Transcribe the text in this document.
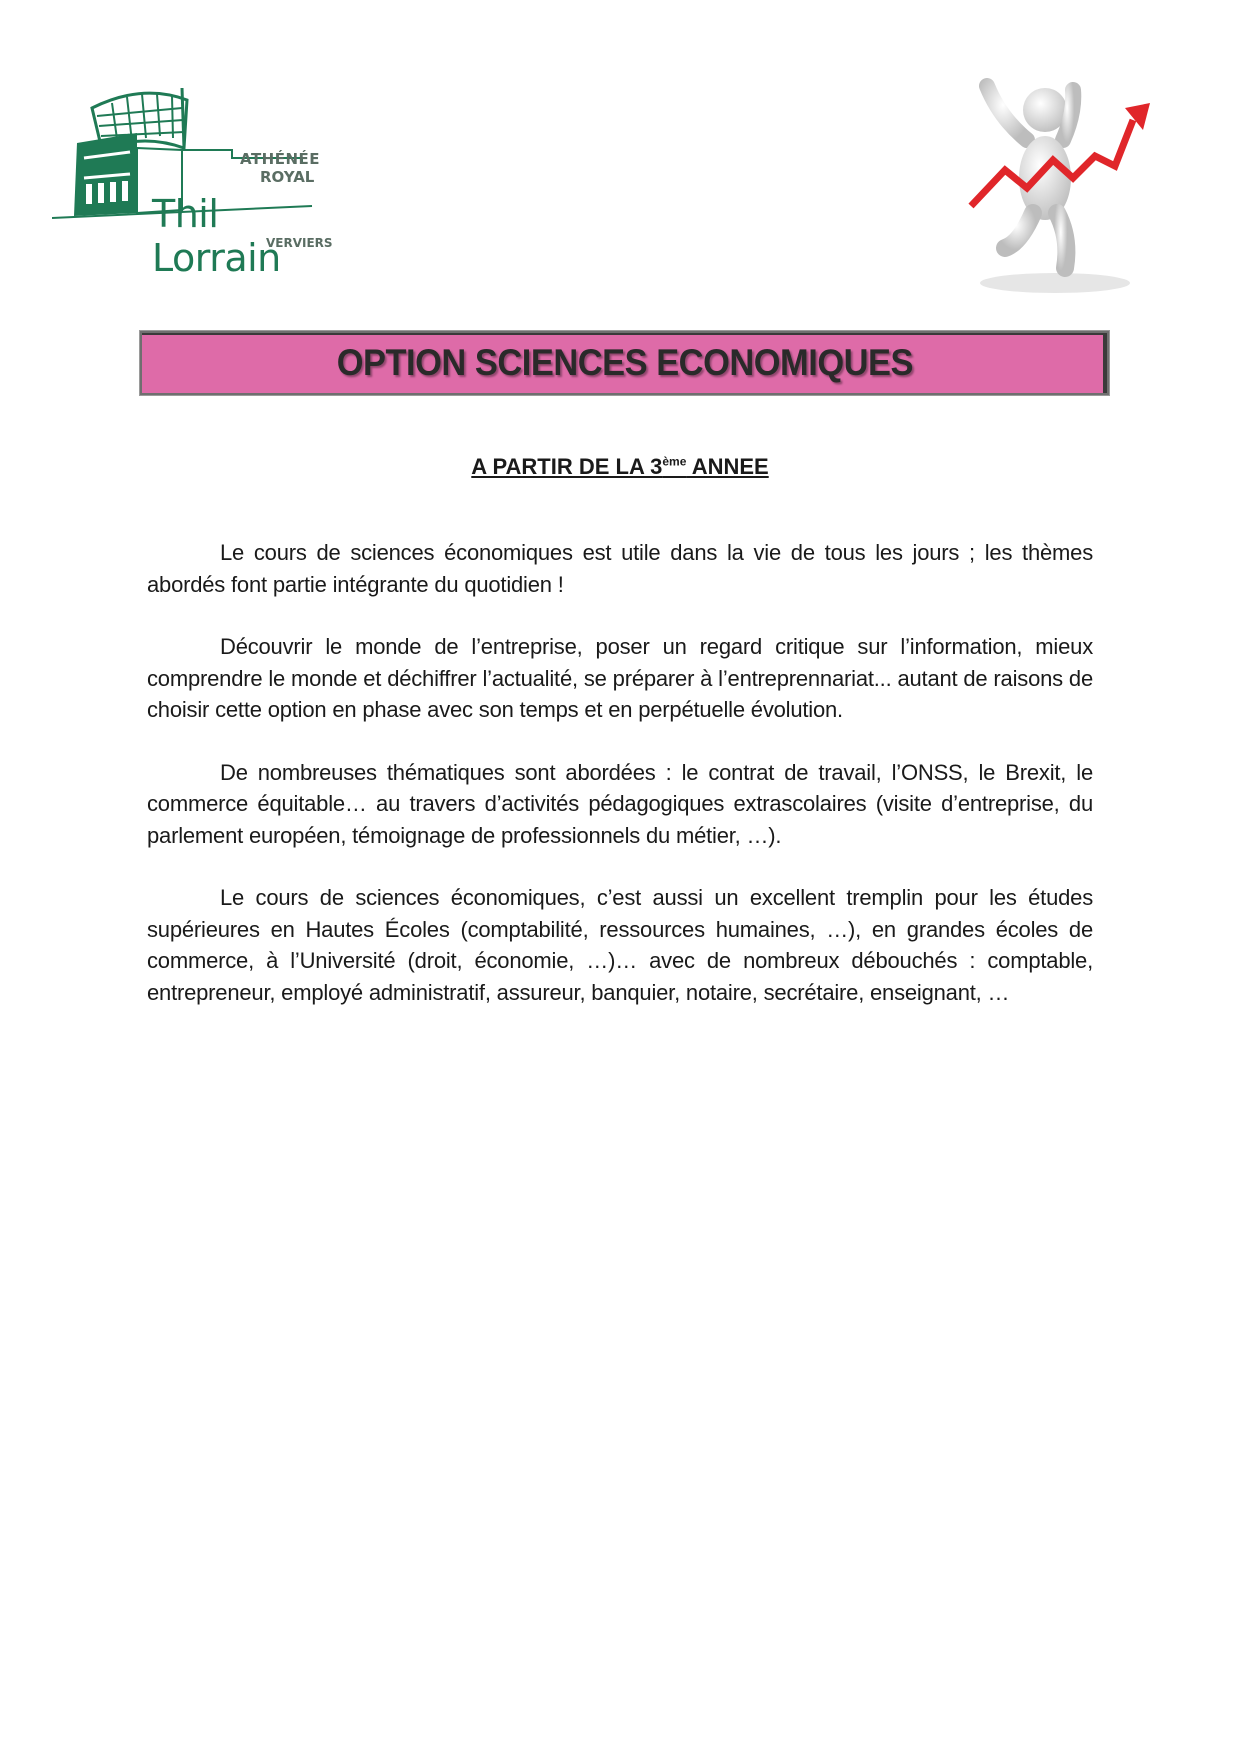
ATHÉNÉE
ROYAL
Thil Lorrain
VERVIERS
OPTION SCIENCES ECONOMIQUES
A PARTIR DE LA 3ème ANNEE

Le cours de sciences économiques est utile dans la vie de tous les jours ; les thèmes abordés font partie intégrante du quotidien !

Découvrir le monde de l’entreprise, poser un regard critique sur l’information, mieux comprendre le monde et déchiffrer l’actualité, se préparer à l’entreprennariat... autant de raisons de choisir cette option en phase avec son temps et en perpétuelle évolution.

De nombreuses thématiques sont abordées : le contrat de travail, l’ONSS, le Brexit, le commerce équitable… au travers d’activités pédagogiques extrascolaires (visite d’entreprise, du parlement européen, témoignage de professionnels du métier, …).

Le cours de sciences économiques, c’est aussi un excellent tremplin pour les études supérieures en Hautes Écoles (comptabilité, ressources humaines, …), en grandes écoles de commerce, à l’Université (droit, économie, …)… avec de nombreux débouchés : comptable, entrepreneur, employé administratif, assureur, banquier, notaire, secrétaire, enseignant, …
